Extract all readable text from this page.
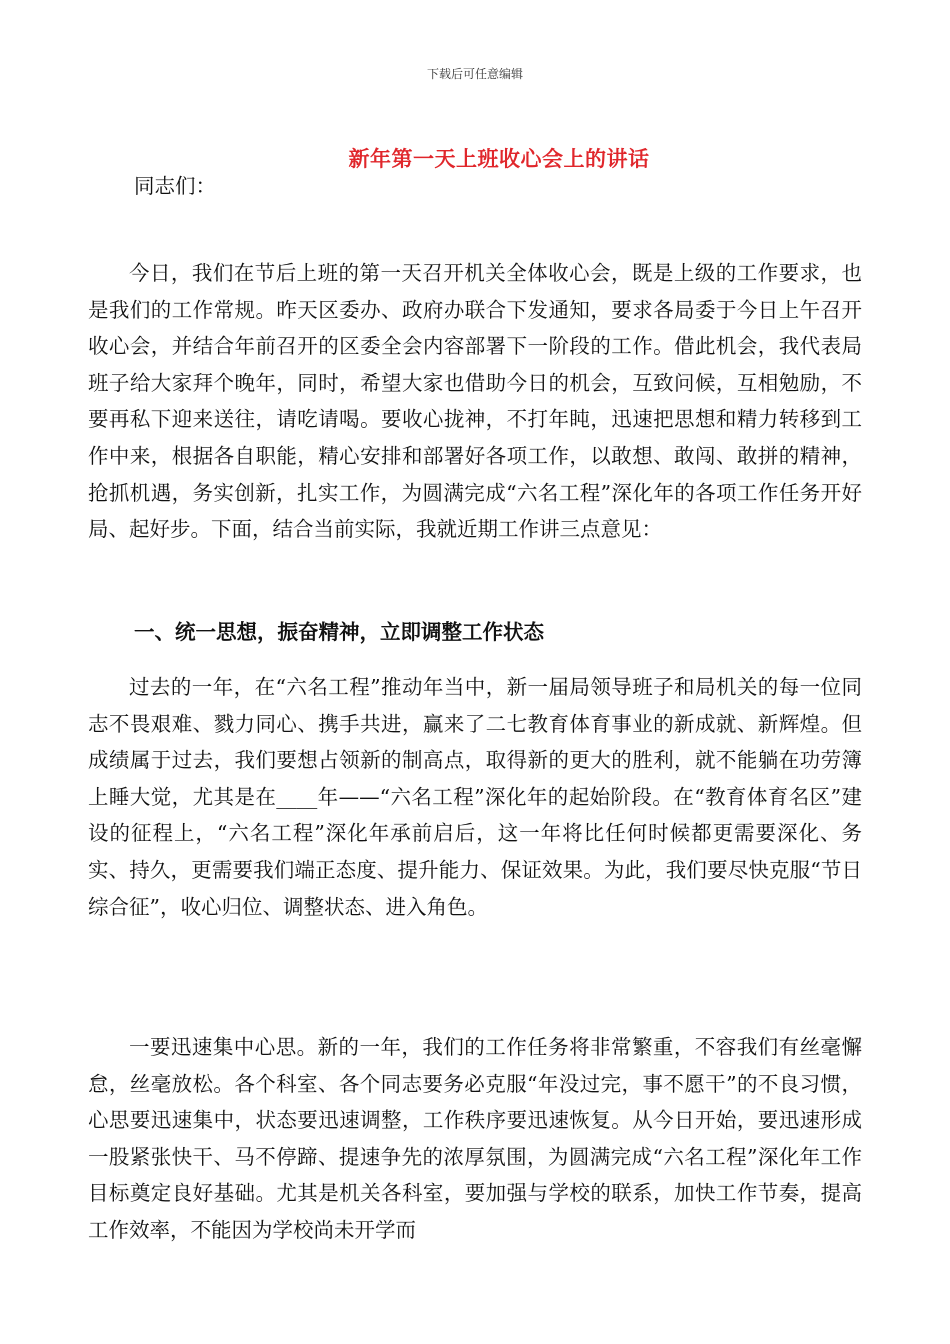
下载后可任意编辑
新年第一天上班收心会上的讲话

同志们：

今日，我们在节后上班的第一天召开机关全体收心会，既是上级的工作要求，也是我们的工作常规。昨天区委办、政府办联合下发通知，要求各局委于今日上午召开收心会，并结合年前召开的区委全会内容部署下一阶段的工作。借此机会，我代表局班子给大家拜个晚年，同时，希望大家也借助今日的机会，互致问候，互相勉励，不要再私下迎来送往，请吃请喝。要收心拢神，不打年盹，迅速把思想和精力转移到工作中来，根据各自职能，精心安排和部署好各项工作，以敢想、敢闯、敢拼的精神，抢抓机遇，务实创新，扎实工作，为圆满完成“六名工程”深化年的各项工作任务开好局、起好步。下面，结合当前实际，我就近期工作讲三点意见：

一、统一思想，振奋精神，立即调整工作状态

过去的一年，在“六名工程”推动年当中，新一届局领导班子和局机关的每一位同志不畏艰难、戮力同心、携手共进，赢来了二七教育体育事业的新成就、新辉煌。但成绩属于过去，我们要想占领新的制高点，取得新的更大的胜利，就不能躺在功劳簿上睡大觉，尤其是在____年——“六名工程”深化年的起始阶段。在“教育体育名区”建设的征程上，“六名工程”深化年承前启后，这一年将比任何时候都更需要深化、务实、持久，更需要我们端正态度、提升能力、保证效果。为此，我们要尽快克服“节日综合征”，收心归位、调整状态、进入角色。

一要迅速集中心思。新的一年，我们的工作任务将非常繁重，不容我们有丝毫懈怠，丝毫放松。各个科室、各个同志要务必克服“年没过完，事不愿干”的不良习惯，心思要迅速集中，状态要迅速调整，工作秩序要迅速恢复。从今日开始，要迅速形成一股紧张快干、马不停蹄、提速争先的浓厚氛围，为圆满完成“六名工程”深化年工作目标奠定良好基础。尤其是机关各科室，要加强与学校的联系，加快工作节奏，提高工作效率，不能因为学校尚未开学而
